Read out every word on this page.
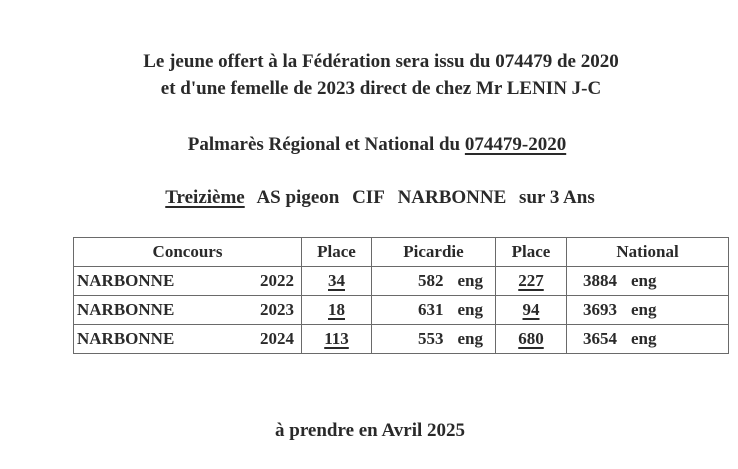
Le jeune offert à la Fédération sera issu du 074479 de 2020
et d'une femelle de 2023 direct de chez Mr LENIN J-C
Palmarès Régional et National du 074479-2020
Treizième AS pigeon CIF NARBONNE sur 3 Ans
Concours	Place	Picardie	Place	National

NARBONNE 2022	34	582 eng	227	3884 eng

NARBONNE 2023	18	631 eng	94	3693 eng

NARBONNE 2024	113	553 eng	680	3654 eng
à prendre en Avril 2025
